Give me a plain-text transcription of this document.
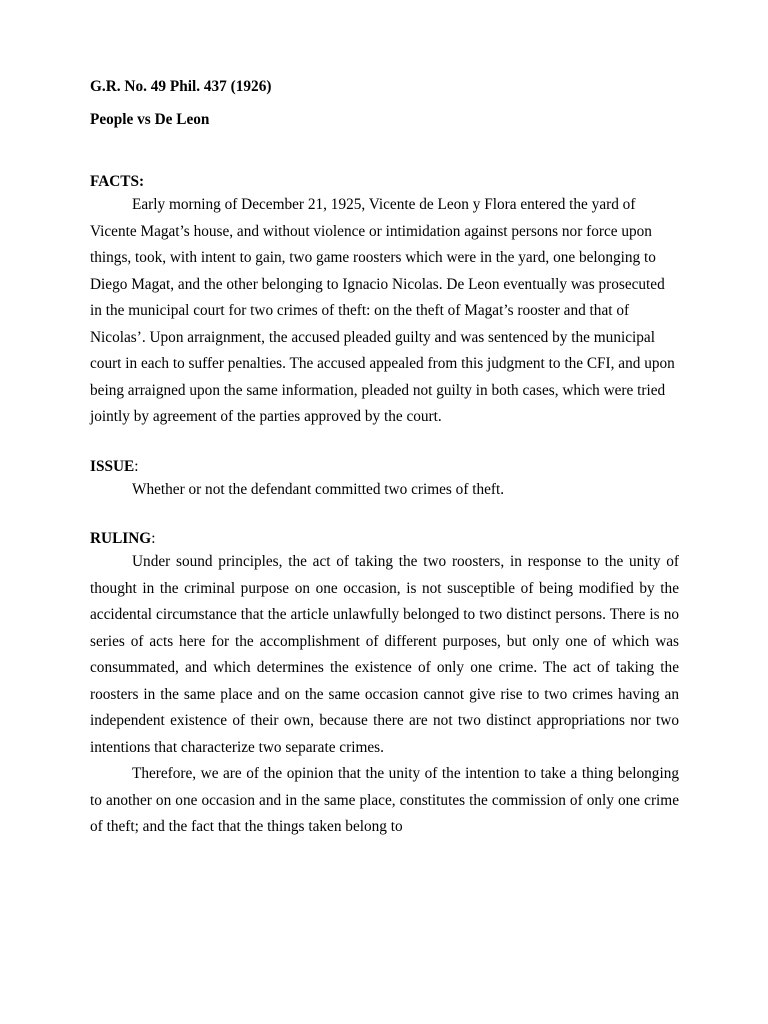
G.R. No. 49 Phil. 437 (1926)

People vs De Leon

FACTS:

Early morning of December 21, 1925, Vicente de Leon y Flora entered the yard of Vicente Magat’s house, and without violence or intimidation against persons nor force upon things, took, with intent to gain, two game roosters which were in the yard, one belonging to Diego Magat, and the other belonging to Ignacio Nicolas. De Leon eventually was prosecuted in the municipal court for two crimes of theft: on the theft of Magat’s rooster and that of Nicolas’. Upon arraignment, the accused pleaded guilty and was sentenced by the municipal court in each to suffer penalties. The accused appealed from this judgment to the CFI, and upon being arraigned upon the same information, pleaded not guilty in both cases, which were tried jointly by agreement of the parties approved by the court.

ISSUE:

Whether or not the defendant committed two crimes of theft.

RULING:

Under sound principles, the act of taking the two roosters, in response to the unity of thought in the criminal purpose on one occasion, is not susceptible of being modified by the accidental circumstance that the article unlawfully belonged to two distinct persons. There is no series of acts here for the accomplishment of different purposes, but only one of which was consummated, and which determines the existence of only one crime. The act of taking the roosters in the same place and on the same occasion cannot give rise to two crimes having an independent existence of their own, because there are not two distinct appropriations nor two intentions that characterize two separate crimes.

Therefore, we are of the opinion that the unity of the intention to take a thing belonging to another on one occasion and in the same place, constitutes the commission of only one crime of theft; and the fact that the things taken belong to
